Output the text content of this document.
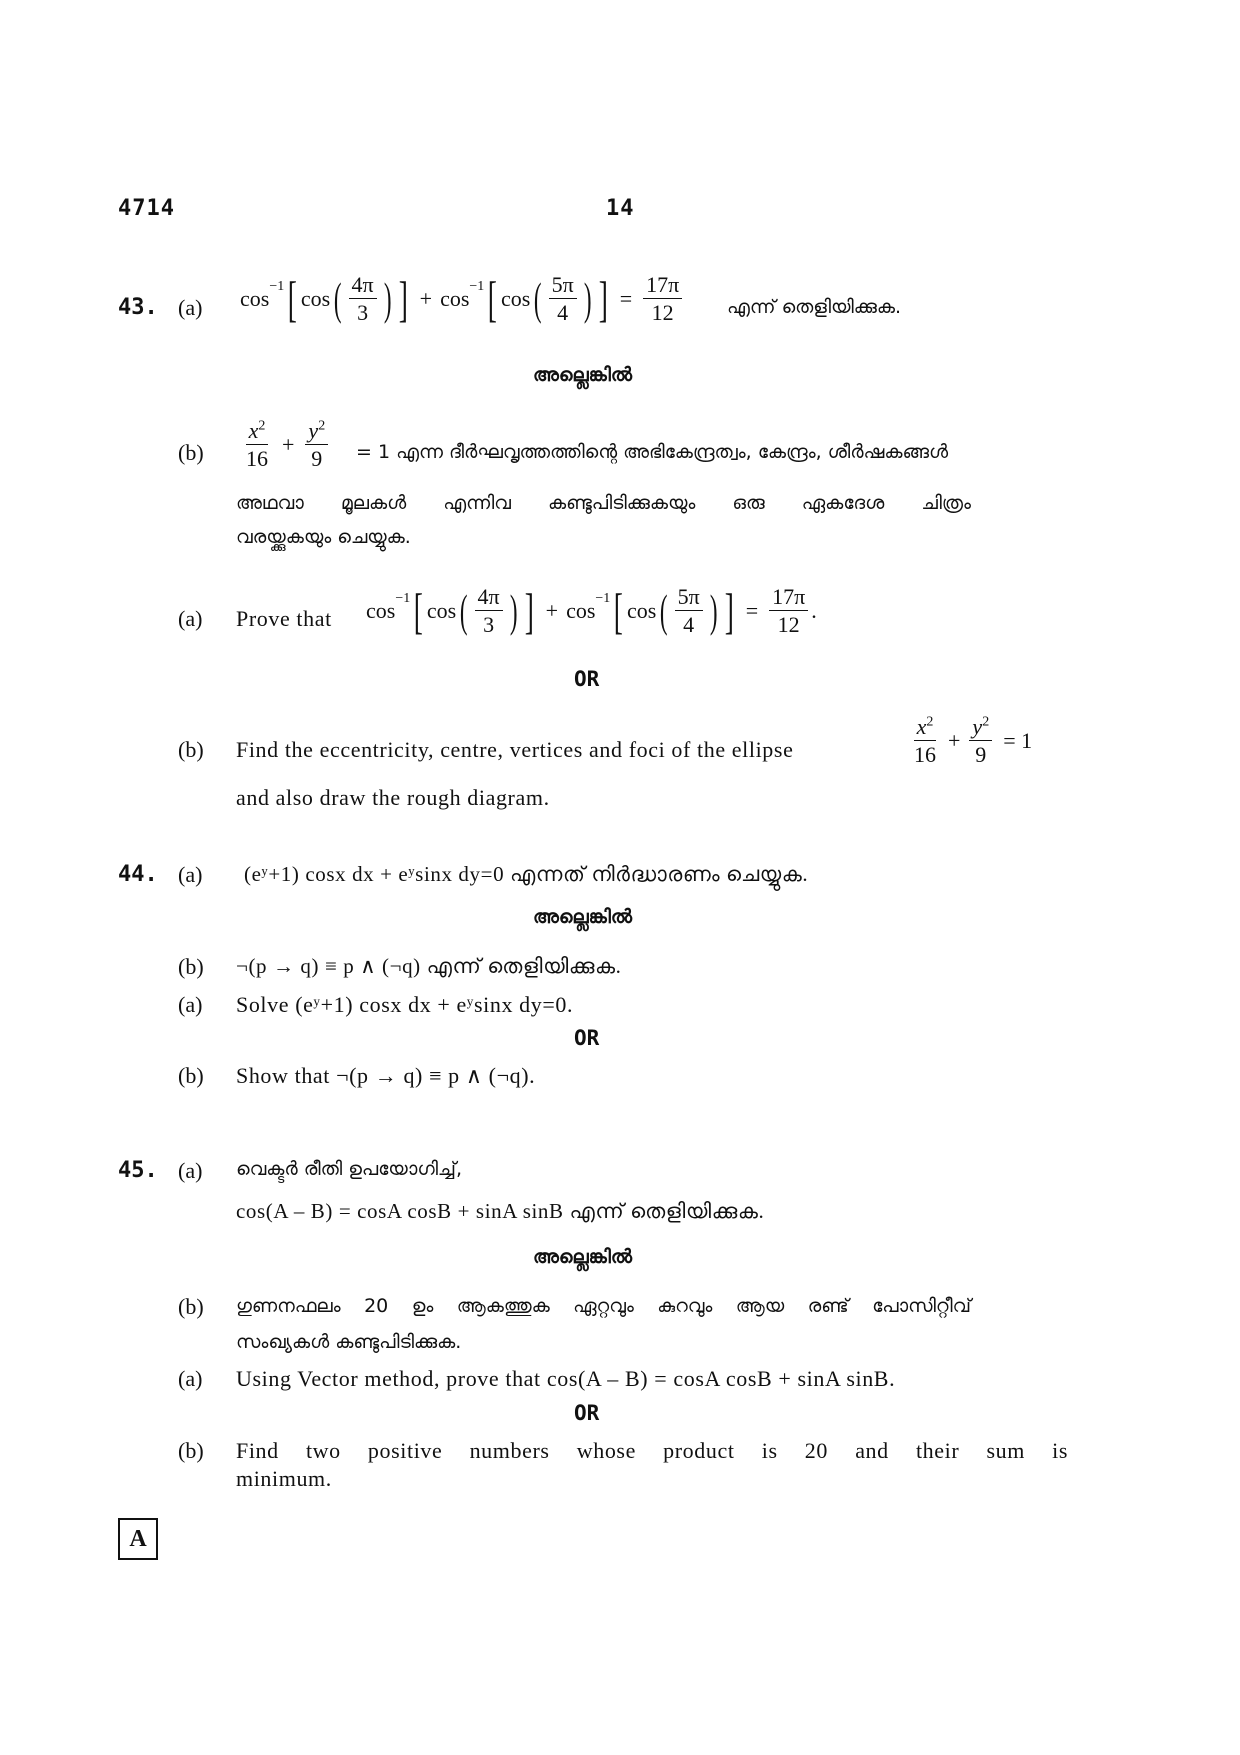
4714	14
43. (a) $\cos^{-1}$ [ cos ( $\frac{4\pi}{3}$ ) ] + $\cos^{-1}$ [ cos ( $\frac{5\pi}{4}$ ) ] = $\frac{17\pi}{12}$ എന്ന് തെളിയിക്കുക.
അല്ലെങ്കിൽ
$(b) \frac{x^2}{16} + \frac{y^2}{9} = 1$ എന്ന ദീർഘവൃത്തത്തിന്റെ അഭികേന്ദ്രത്വം, കേന്ദ്രം, ശീർഷകങ്ങൾ
അഥവാ മൂലകൾ എന്നിവ കണ്ടുപിടിക്കുകയും ഒരു ഏകദേശ ചിത്രം
വരയ്ക്കുകയും ചെയ്യുക.
(a) Prove that $\cos^{-1}$ [ cos ( $\frac{4\pi}{3}$ ) ] + $\cos^{-1}$ [ cos ( $\frac{5\pi}{4}$ ) ] = $\frac{17\pi}{12}$ .
OR
(b) Find the eccentricity, centre, vertices and foci of the ellipse	$\frac{x^2}{16} + \frac{y^2}{9} = 1$
and also draw the rough diagram.
44. (a) (eʸ+1) cosx dx + eʸsinx dy=0 എന്നത് നിർദ്ധാരണം ചെയ്യുക.
അല്ലെങ്കിൽ
(b) ¬(p → q) ≡ p ∧ (¬q) എന്ന് തെളിയിക്കുക.
(a) Solve (eʸ+1) cosx dx + eʸsinx dy=0.
OR
(b) Show that ¬(p → q) ≡ p ∧ (¬q).
45. (a) വെക്ടർ രീതി ഉപയോഗിച്ച്,
cos(A – B) = cosA cosB + sinA sinB എന്ന് തെളിയിക്കുക.
അല്ലെങ്കിൽ
(b) ഗുണനഫലം 20 ഉം ആകത്തുക ഏറ്റവും കുറവും ആയ രണ്ട് പോസിറ്റീവ്
സംഖ്യകൾ കണ്ടുപിടിക്കുക.
(a) Using Vector method, prove that cos(A – B) = cosA cosB + sinA sinB.
OR
(b) Find two positive numbers whose product is 20 and their sum is
minimum.
A
